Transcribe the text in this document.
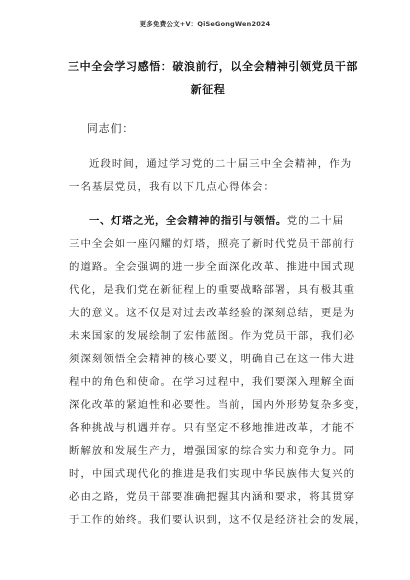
更多免费公文+V：QiSeGongWen2024
三中全会学习感悟：破浪前行，以全会精神引领党员干部
新征程
同志们：
近段时间，通过学习党的二十届三中全会精神，作为
一名基层党员，我有以下几点心得体会：
一、灯塔之光，全会精神的指引与领悟。党的二十届
三中全会如一座闪耀的灯塔，照亮了新时代党员干部前行
的道路。全会强调的进一步全面深化改革、推进中国式现
代化，是我们党在新征程上的重要战略部署，具有极其重
大的意义。这不仅是对过去改革经验的深刻总结，更是为
未来国家的发展绘制了宏伟蓝图。作为党员干部，我们必
须深刻领悟全会精神的核心要义，明确自己在这一伟大进
程中的角色和使命。在学习过程中，我们要深入理解全面
深化改革的紧迫性和必要性。当前，国内外形势复杂多变，
各种挑战与机遇并存。只有坚定不移地推进改革，才能不
断解放和发展生产力，增强国家的综合实力和竞争力。同
时，中国式现代化的推进是我们实现中华民族伟大复兴的
必由之路，党员干部要准确把握其内涵和要求，将其贯穿
于工作的始终。我们要认识到，这不仅是经济社会的发展，
